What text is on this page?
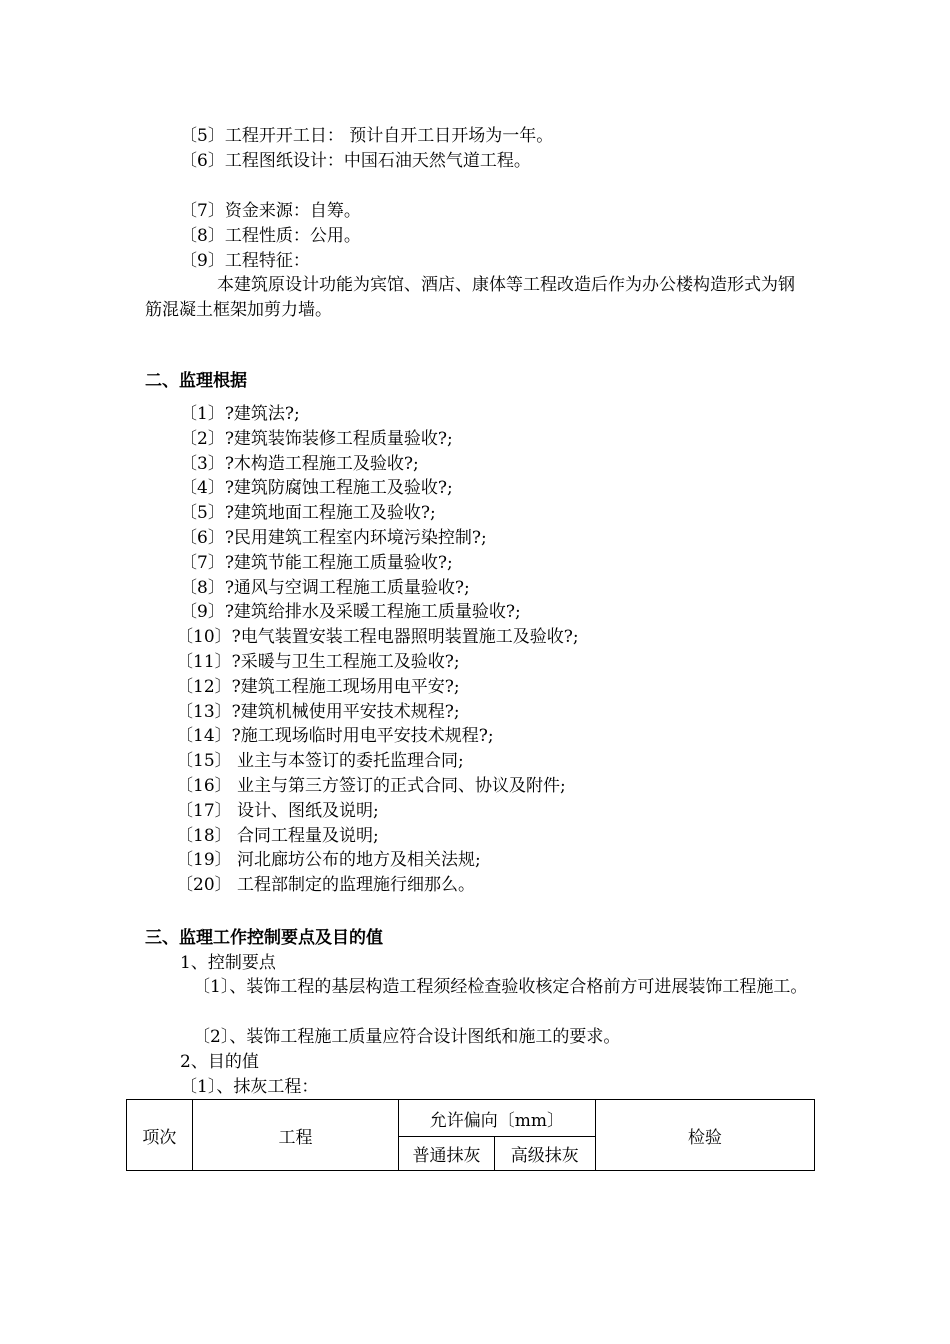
〔5〕工程开开工日： 预计自开工日开场为一年。
〔6〕工程图纸设计：中国石油天然气道工程。
〔7〕资金来源：自筹。
〔8〕工程性质：公用。
〔9〕工程特征：
本建筑原设计功能为宾馆、酒店、康体等工程改造后作为办公楼构造形式为钢筋混凝土框架加剪力墙。
二、监理根据
〔1〕?建筑法?;
〔2〕?建筑装饰装修工程质量验收?;
〔3〕?木构造工程施工及验收?;
〔4〕?建筑防腐蚀工程施工及验收?;
〔5〕?建筑地面工程施工及验收?;
〔6〕?民用建筑工程室内环境污染控制?;
〔7〕?建筑节能工程施工质量验收?;
〔8〕?通风与空调工程施工质量验收?;
〔9〕?建筑给排水及采暖工程施工质量验收?;
〔10〕?电气装置安装工程电器照明装置施工及验收?;
〔11〕?采暖与卫生工程施工及验收?;
〔12〕?建筑工程施工现场用电平安?;
〔13〕?建筑机械使用平安技术规程?;
〔14〕?施工现场临时用电平安技术规程?;
〔15〕 业主与本签订的委托监理合同;
〔16〕 业主与第三方签订的正式合同、协议及附件;
〔17〕 设计、图纸及说明;
〔18〕 合同工程量及说明;
〔19〕 河北廊坊公布的地方及相关法规;
〔20〕 工程部制定的监理施行细那么。
三、监理工作控制要点及目的值
1、控制要点
〔1〕、装饰工程的基层构造工程须经检查验收核定合格前方可进展装饰工程施工。
〔2〕、装饰工程施工质量应符合设计图纸和施工的要求。
2、目的值
〔1〕、抹灰工程：
项次	工程	允许偏向〔mm〕		检验
		普通抹灰	高级抹灰	
